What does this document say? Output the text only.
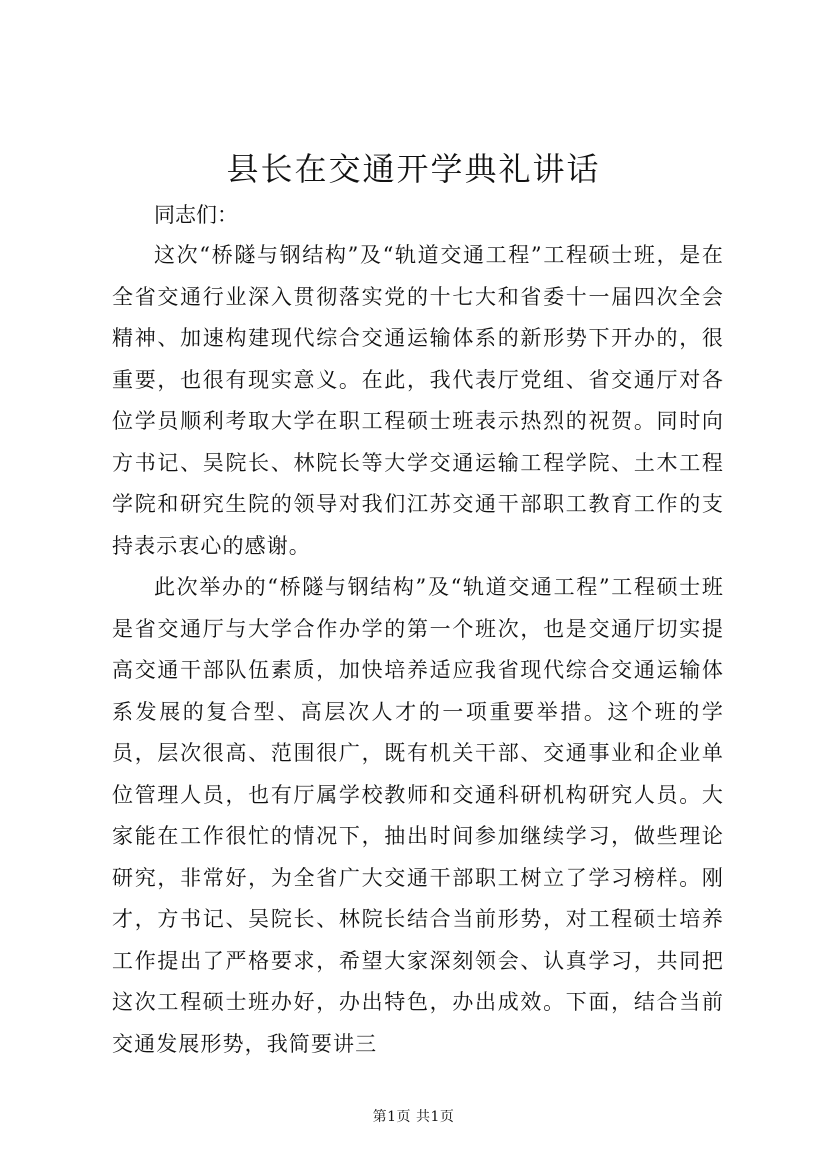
县长在交通开学典礼讲话

同志们：

这次“桥隧与钢结构”及“轨道交通工程”工程硕士班，是在全省交通行业深入贯彻落实党的十七大和省委十一届四次全会精神、加速构建现代综合交通运输体系的新形势下开办的，很重要，也很有现实意义。在此，我代表厅党组、省交通厅对各位学员顺利考取大学在职工程硕士班表示热烈的祝贺。同时向方书记、吴院长、林院长等大学交通运输工程学院、土木工程学院和研究生院的领导对我们江苏交通干部职工教育工作的支持表示衷心的感谢。

此次举办的“桥隧与钢结构”及“轨道交通工程”工程硕士班是省交通厅与大学合作办学的第一个班次，也是交通厅切实提高交通干部队伍素质，加快培养适应我省现代综合交通运输体系发展的复合型、高层次人才的一项重要举措。这个班的学员，层次很高、范围很广，既有机关干部、交通事业和企业单位管理人员，也有厅属学校教师和交通科研机构研究人员。大家能在工作很忙的情况下，抽出时间参加继续学习，做些理论研究，非常好，为全省广大交通干部职工树立了学习榜样。刚才，方书记、吴院长、林院长结合当前形势，对工程硕士培养工作提出了严格要求，希望大家深刻领会、认真学习，共同把这次工程硕士班办好，办出特色，办出成效。下面，结合当前交通发展形势，我简要讲三

第1页 共1页
